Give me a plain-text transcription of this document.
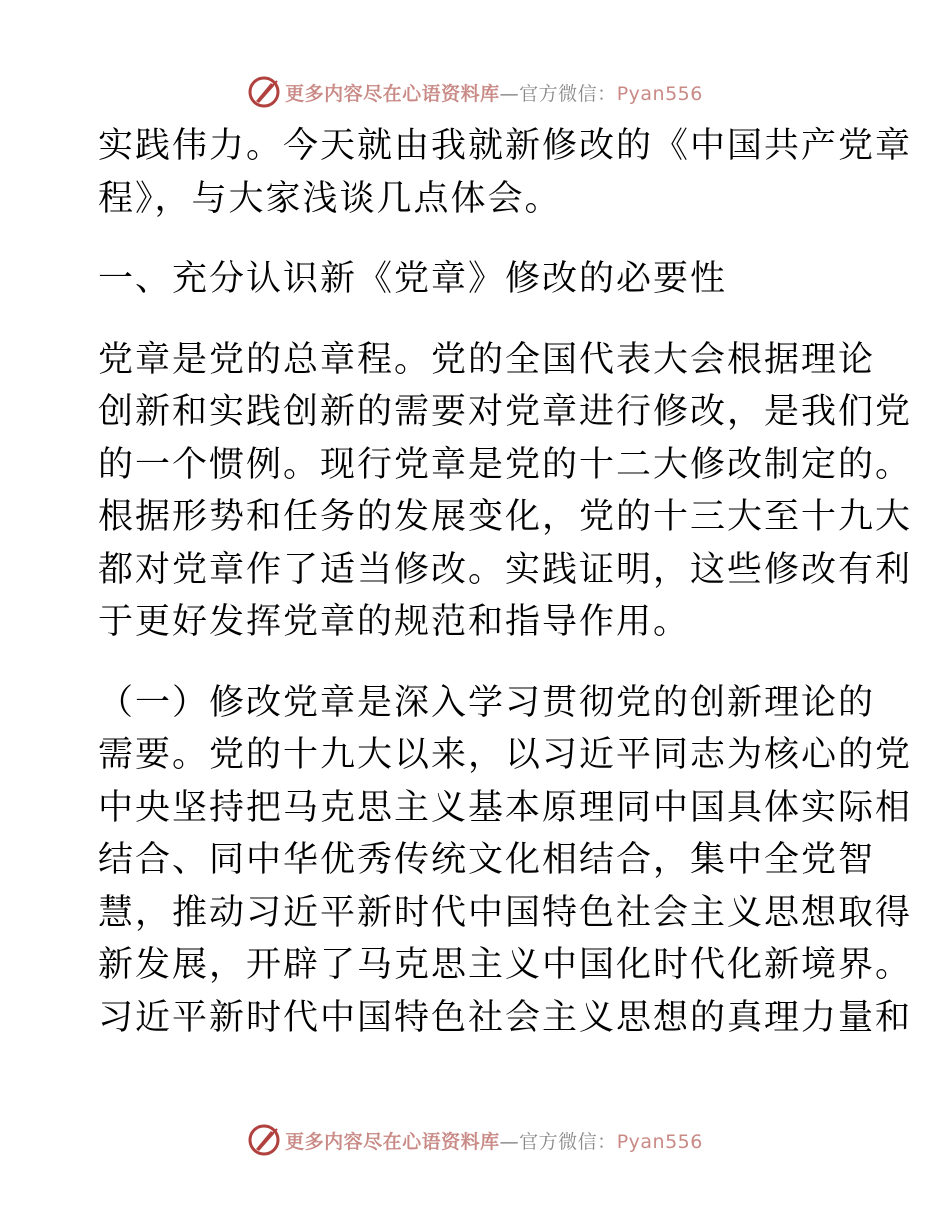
更多内容尽在心语资料库—官方微信：Pyan556
实践伟力。今天就由我就新修改的《中国共产党章
程》，与大家浅谈几点体会。
一、充分认识新《党章》修改的必要性
党章是党的总章程。党的全国代表大会根据理论
创新和实践创新的需要对党章进行修改，是我们党
的一个惯例。现行党章是党的十二大修改制定的。
根据形势和任务的发展变化，党的十三大至十九大
都对党章作了适当修改。实践证明，这些修改有利
于更好发挥党章的规范和指导作用。
（一）修改党章是深入学习贯彻党的创新理论的
需要。党的十九大以来，以习近平同志为核心的党
中央坚持把马克思主义基本原理同中国具体实际相
结合、同中华优秀传统文化相结合，集中全党智
慧，推动习近平新时代中国特色社会主义思想取得
新发展，开辟了马克思主义中国化时代化新境界。
习近平新时代中国特色社会主义思想的真理力量和
更多内容尽在心语资料库—官方微信：Pyan556
